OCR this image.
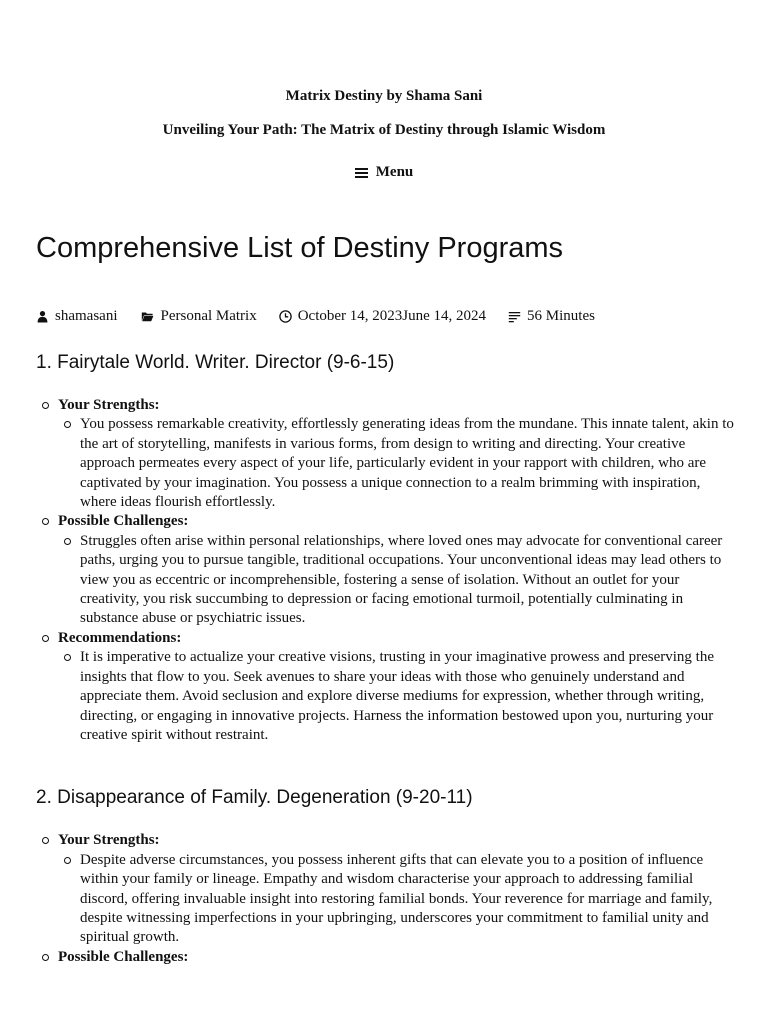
Matrix Destiny by Shama Sani

Unveiling Your Path: The Matrix of Destiny through Islamic Wisdom

Menu
Comprehensive List of Destiny Programs
shamasani	Personal Matrix	October 14, 2023June 14, 2024	56 Minutes
1. Fairytale World. Writer. Director (9-6-15)
Your Strengths:
You possess remarkable creativity, effortlessly generating ideas from the mundane. This innate talent, akin to the art of storytelling, manifests in various forms, from design to writing and directing. Your creative approach permeates every aspect of your life, particularly evident in your rapport with children, who are captivated by your imagination. You possess a unique connection to a realm brimming with inspiration, where ideas flourish effortlessly.
Possible Challenges:
Struggles often arise within personal relationships, where loved ones may advocate for conventional career paths, urging you to pursue tangible, traditional occupations. Your unconventional ideas may lead others to view you as eccentric or incomprehensible, fostering a sense of isolation. Without an outlet for your creativity, you risk succumbing to depression or facing emotional turmoil, potentially culminating in substance abuse or psychiatric issues.
Recommendations:
It is imperative to actualize your creative visions, trusting in your imaginative prowess and preserving the insights that flow to you. Seek avenues to share your ideas with those who genuinely understand and appreciate them. Avoid seclusion and explore diverse mediums for expression, whether through writing, directing, or engaging in innovative projects. Harness the information bestowed upon you, nurturing your creative spirit without restraint.
2. Disappearance of Family. Degeneration (9-20-11)
Your Strengths:
Despite adverse circumstances, you possess inherent gifts that can elevate you to a position of influence within your family or lineage. Empathy and wisdom characterise your approach to addressing familial discord, offering invaluable insight into restoring familial bonds. Your reverence for marriage and family, despite witnessing imperfections in your upbringing, underscores your commitment to familial unity and spiritual growth.
Possible Challenges:
